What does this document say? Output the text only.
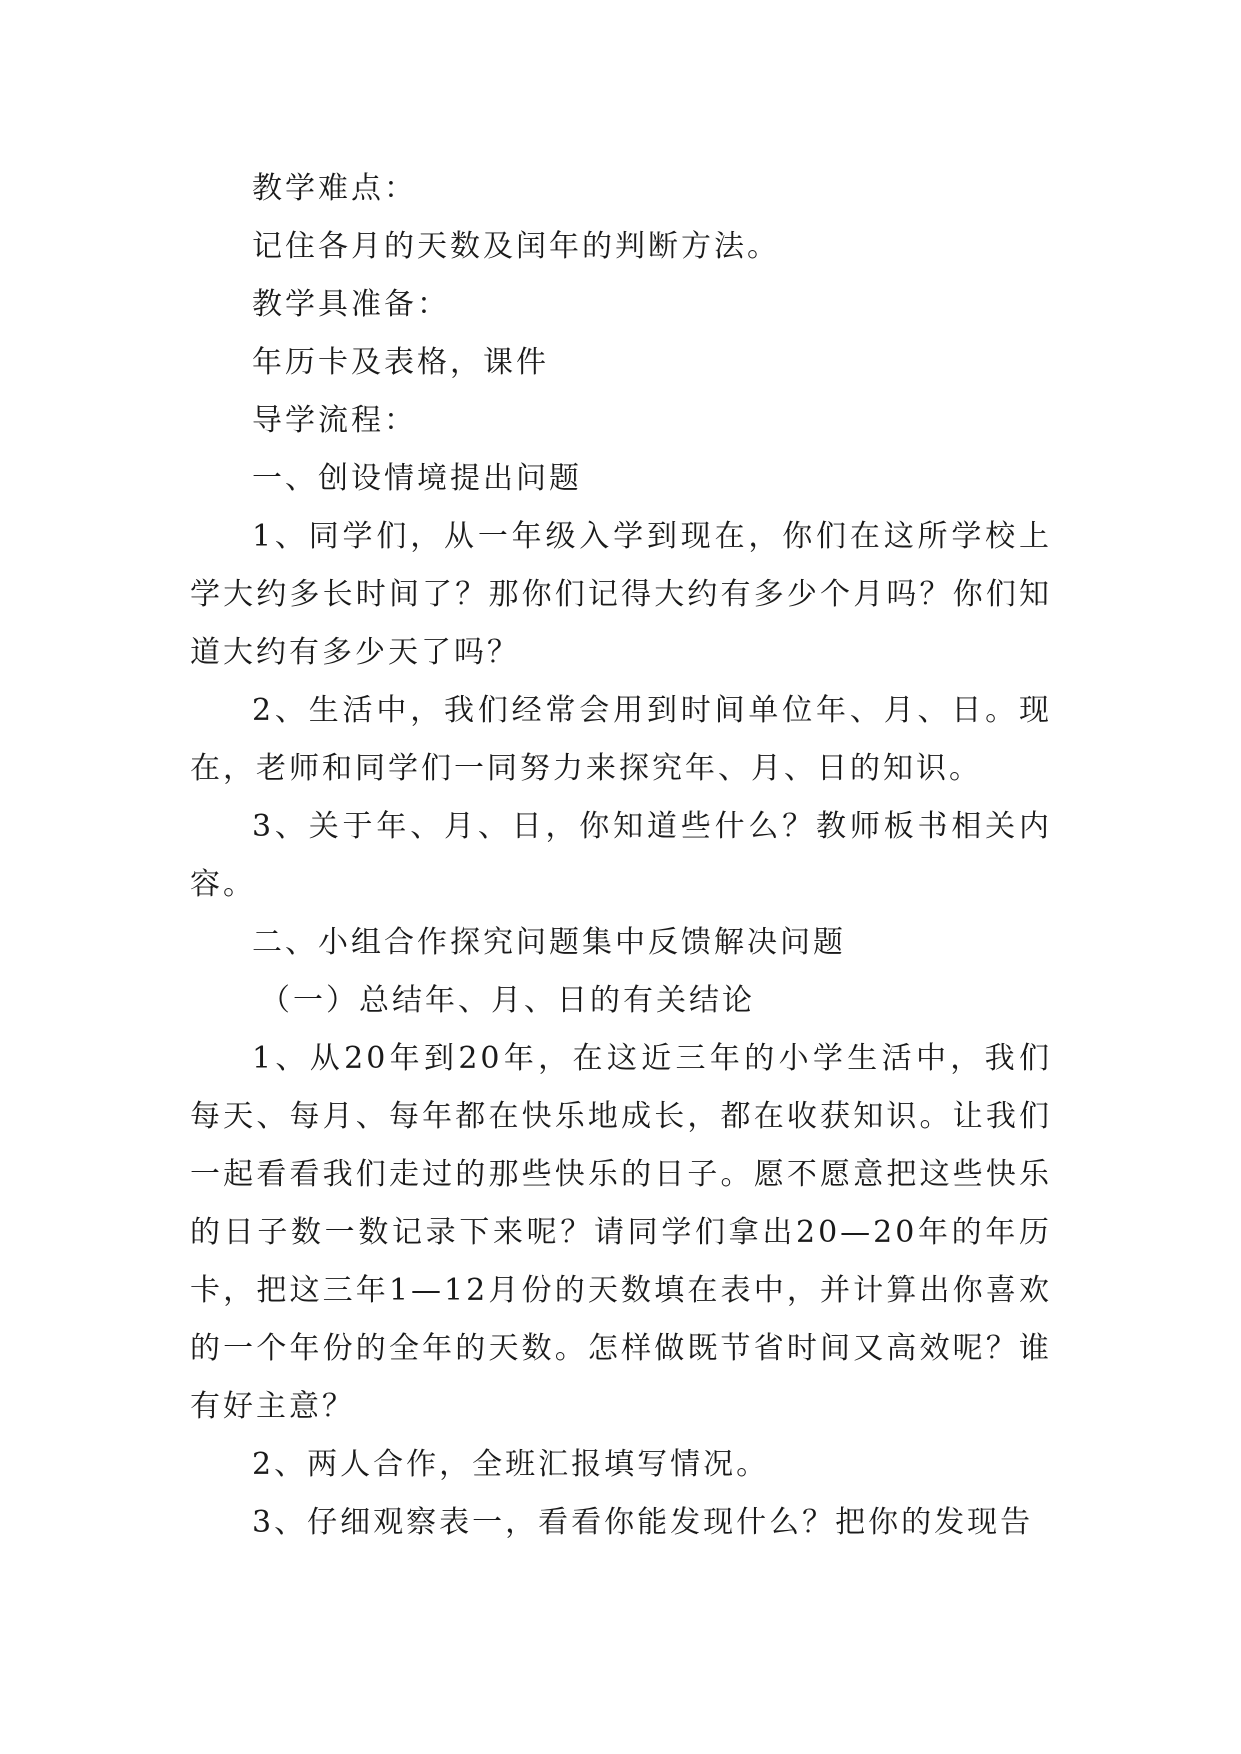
教学难点：

记住各月的天数及闰年的判断方法。

教学具准备：

年历卡及表格，课件

导学流程：

一、创设情境提出问题

1、同学们，从一年级入学到现在，你们在这所学校上学大约多长时间了？那你们记得大约有多少个月吗？你们知道大约有多少天了吗？

2、生活中，我们经常会用到时间单位年、月、日。现在，老师和同学们一同努力来探究年、月、日的知识。

3、关于年、月、日，你知道些什么？教师板书相关内容。

二、小组合作探究问题集中反馈解决问题

（一）总结年、月、日的有关结论

1、从20年到20年，在这近三年的小学生活中，我们每天、每月、每年都在快乐地成长，都在收获知识。让我们一起看看我们走过的那些快乐的日子。愿不愿意把这些快乐的日子数一数记录下来呢？请同学们拿出20—20年的年历卡，把这三年1—12月份的天数填在表中，并计算出你喜欢的一个年份的全年的天数。怎样做既节省时间又高效呢？谁有好主意？

2、两人合作，全班汇报填写情况。

3、仔细观察表一，看看你能发现什么？把你的发现告
